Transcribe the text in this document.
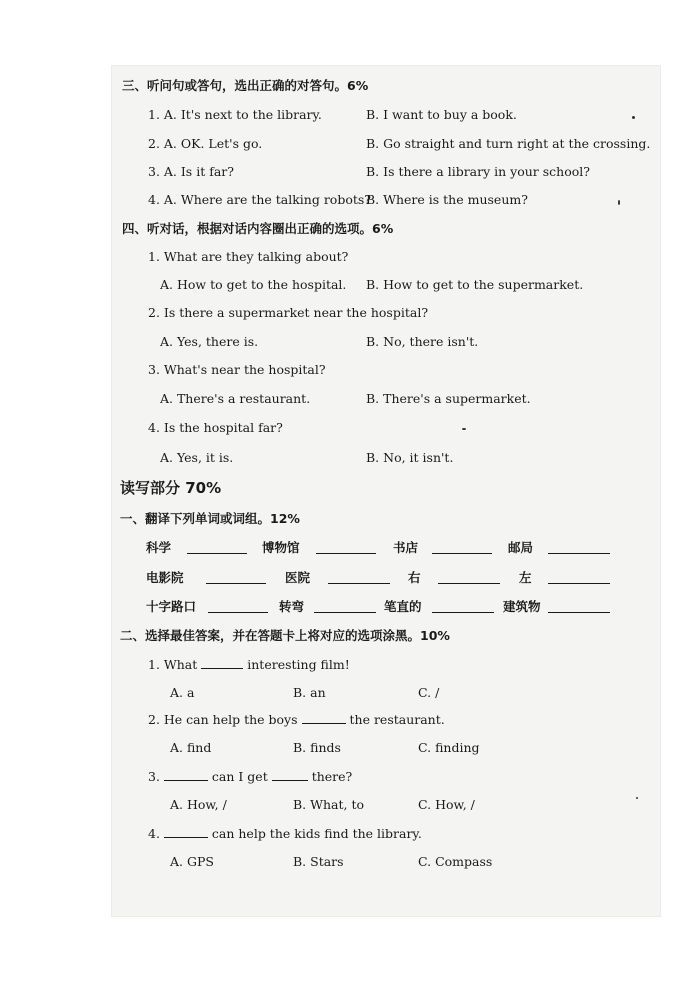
三、听问句或答句，选出正确的对答句。6%
1. A. It's next to the library.	B. I want to buy a book.
2. A. OK. Let's go.	B. Go straight and turn right at the crossing.
3. A. Is it far?	B. Is there a library in your school?
4. A. Where are the talking robots?
B. Where is the museum?
四、听对话，根据对话内容圈出正确的选项。6%
1. What are they talking about?
A. How to get to the hospital. B. How to get to the supermarket.
2. Is there a supermarket near the hospital?
A. Yes, there is.	B. No, there isn't.
3. What's near the hospital?
A. There's a restaurant.	B. There's a supermarket.
4. Is the hospital far?
A. Yes, it is.	B. No, it isn't.
读写部分 70%
一、翻译下列单词或词组。12%
科学	博物馆	书店	邮局
电影院	医院	右	左
十字路口	转弯	笔直的	建筑物
二、选择最佳答案，并在答题卡上将对应的选项涂黑。10%
1. What	interesting film!
A. a	B. an	C. /
2. He can help the boys	the restaurant.
A. find	B. finds	C. finding
3.	can I get	there?
A. How, /	B. What, to	C. How, /
4.	can help the kids find the library.
A. GPS	B. Stars	C. Compass
